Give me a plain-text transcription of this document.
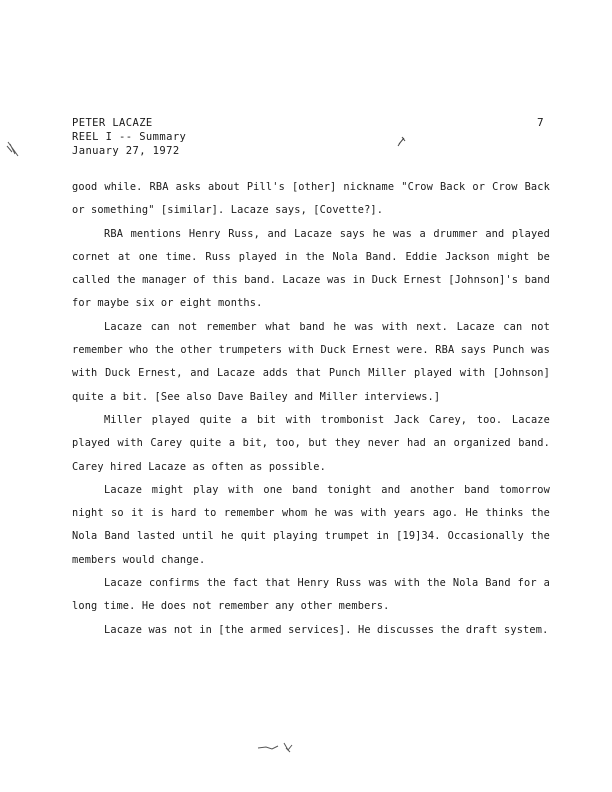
PETER LACAZE
REEL I -- Summary
January 27, 1972
7

good while. RBA asks about Pill's [other] nickname "Crow Back or Crow Back or something" [similar]. Lacaze says, [Covette?].

RBA mentions Henry Russ, and Lacaze says he was a drummer and played cornet at one time. Russ played in the Nola Band. Eddie Jackson might be called the manager of this band. Lacaze was in Duck Ernest [Johnson]'s band for maybe six or eight months.

Lacaze can not remember what band he was with next. Lacaze can not remember who the other trumpeters with Duck Ernest were. RBA says Punch was with Duck Ernest, and Lacaze adds that Punch Miller played with [Johnson] quite a bit. [See also Dave Bailey and Miller interviews.]

Miller played quite a bit with trombonist Jack Carey, too. Lacaze played with Carey quite a bit, too, but they never had an organized band. Carey hired Lacaze as often as possible.

Lacaze might play with one band tonight and another band tomorrow night so it is hard to remember whom he was with years ago. He thinks the Nola Band lasted until he quit playing trumpet in [19]34. Occasionally the members would change.

Lacaze confirms the fact that Henry Russ was with the Nola Band for a long time. He does not remember any other members.

Lacaze was not in [the armed services]. He discusses the draft system.
